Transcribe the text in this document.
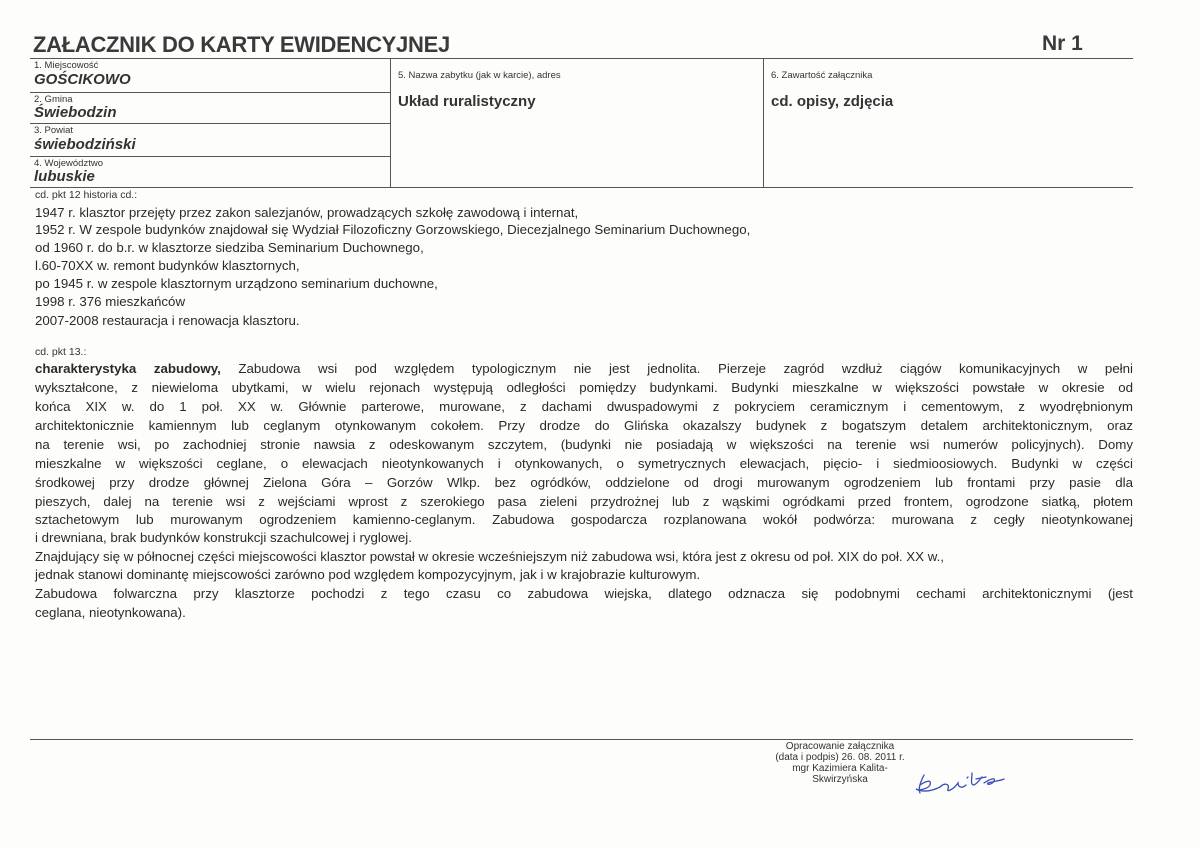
ZAŁACZNIK DO KARTY EWIDENCYJNEJ	Nr 1
1. Miejscowość
GOŚCIKOWO
2. Gmina
Świebodzin
3. Powiat
świebodziński
4. Województwo
lubuskie
5. Nazwa zabytku (jak w karcie), adres
Układ ruralistyczny
6. Zawartość załącznika
cd. opisy, zdjęcia
cd. pkt 12 historia cd.:
1947 r. klasztor przejęty przez zakon salezjanów, prowadzących szkołę zawodową i internat,
1952 r. W zespole budynków znajdował się Wydział Filozoficzny Gorzowskiego, Diecezjalnego Seminarium Duchownego,
od 1960 r. do b.r. w klasztorze siedziba Seminarium Duchownego,
l.60-70XX w. remont budynków klasztornych,
po 1945 r. w zespole klasztornym urządzono seminarium duchowne,
1998 r. 376 mieszkańców
2007-2008 restauracja i renowacja klasztoru.
cd. pkt 13.:
charakterystyka zabudowy, Zabudowa wsi pod względem typologicznym nie jest jednolita. Pierzeje zagród wzdłuż ciągów komunikacyjnych w pełni
wykształcone, z niewieloma ubytkami, w wielu rejonach występują odległości pomiędzy budynkami. Budynki mieszkalne w większości powstałe w okresie od
końca XIX w. do 1 poł. XX w. Głównie parterowe, murowane, z dachami dwuspadowymi z pokryciem ceramicznym i cementowym, z wyodrębnionym
architektonicznie kamiennym lub ceglanym otynkowanym cokołem. Przy drodze do Glińska okazalszy budynek z bogatszym detalem architektonicznym, oraz
na terenie wsi, po zachodniej stronie nawsia z odeskowanym szczytem, (budynki nie posiadają w większości na terenie wsi numerów policyjnych). Domy
mieszkalne w większości ceglane, o elewacjach nieotynkowanych i otynkowanych, o symetrycznych elewacjach, pięcio- i siedmioosiowych. Budynki w części
środkowej przy drodze głównej Zielona Góra – Gorzów Wlkp. bez ogródków, oddzielone od drogi murowanym ogrodzeniem lub frontami przy pasie dla
pieszych, dalej na terenie wsi z wejściami wprost z szerokiego pasa zieleni przydrożnej lub z wąskimi ogródkami przed frontem, ogrodzone siatką, płotem
sztachetowym lub murowanym ogrodzeniem kamienno-ceglanym. Zabudowa gospodarcza rozplanowana wokół podwórza: murowana z cegły nieotynkowanej
i drewniana, brak budynków konstrukcji szachulcowej i ryglowej.
Znajdujący się w północnej części miejscowości klasztor powstał w okresie wcześniejszym niż zabudowa wsi, która jest z okresu od poł. XIX do poł. XX w.,
jednak stanowi dominantę miejscowości zarówno pod względem kompozycyjnym, jak i w krajobrazie kulturowym.
Zabudowa folwarczna przy klasztorze pochodzi z tego czasu co zabudowa wiejska, dlatego odznacza się podobnymi cechami architektonicznymi (jest
ceglana, nieotynkowana).
Opracowanie załącznika
(data i podpis) 26. 08. 2011 r.
mgr Kazimiera Kalita-
Skwirzyńska
